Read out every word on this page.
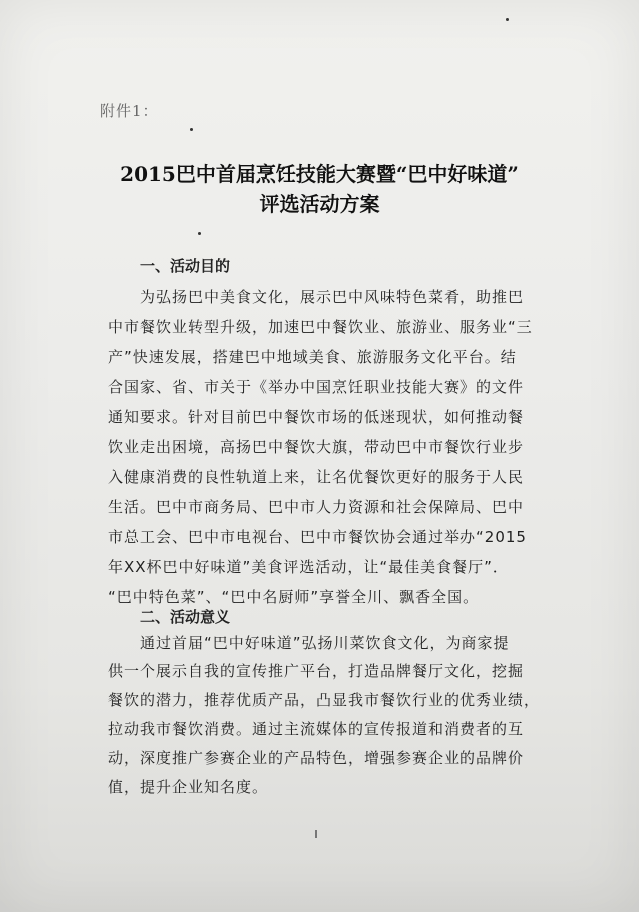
附件1：
2015巴中首届烹饪技能大赛暨“巴中好味道”
评选活动方案
一、活动目的
为弘扬巴中美食文化，展示巴中风味特色菜肴，助推巴
中市餐饮业转型升级，加速巴中餐饮业、旅游业、服务业“三
产”快速发展，搭建巴中地域美食、旅游服务文化平台。结
合国家、省、市关于《举办中国烹饪职业技能大赛》的文件
通知要求。针对目前巴中餐饮市场的低迷现状，如何推动餐
饮业走出困境，高扬巴中餐饮大旗，带动巴中市餐饮行业步
入健康消费的良性轨道上来，让名优餐饮更好的服务于人民
生活。巴中市商务局、巴中市人力资源和社会保障局、巴中
市总工会、巴中市电视台、巴中市餐饮协会通过举办“2015
年XX杯巴中好味道”美食评选活动，让“最佳美食餐厅”．
“巴中特色菜”、“巴中名厨师”享誉全川、飘香全国。
二、活动意义
通过首届“巴中好味道”弘扬川菜饮食文化，为商家提
供一个展示自我的宣传推广平台，打造品牌餐厅文化，挖掘
餐饮的潜力，推荐优质产品，凸显我市餐饮行业的优秀业绩，
拉动我市餐饮消费。通过主流媒体的宣传报道和消费者的互
动，深度推广参赛企业的产品特色，增强参赛企业的品牌价
值，提升企业知名度。
